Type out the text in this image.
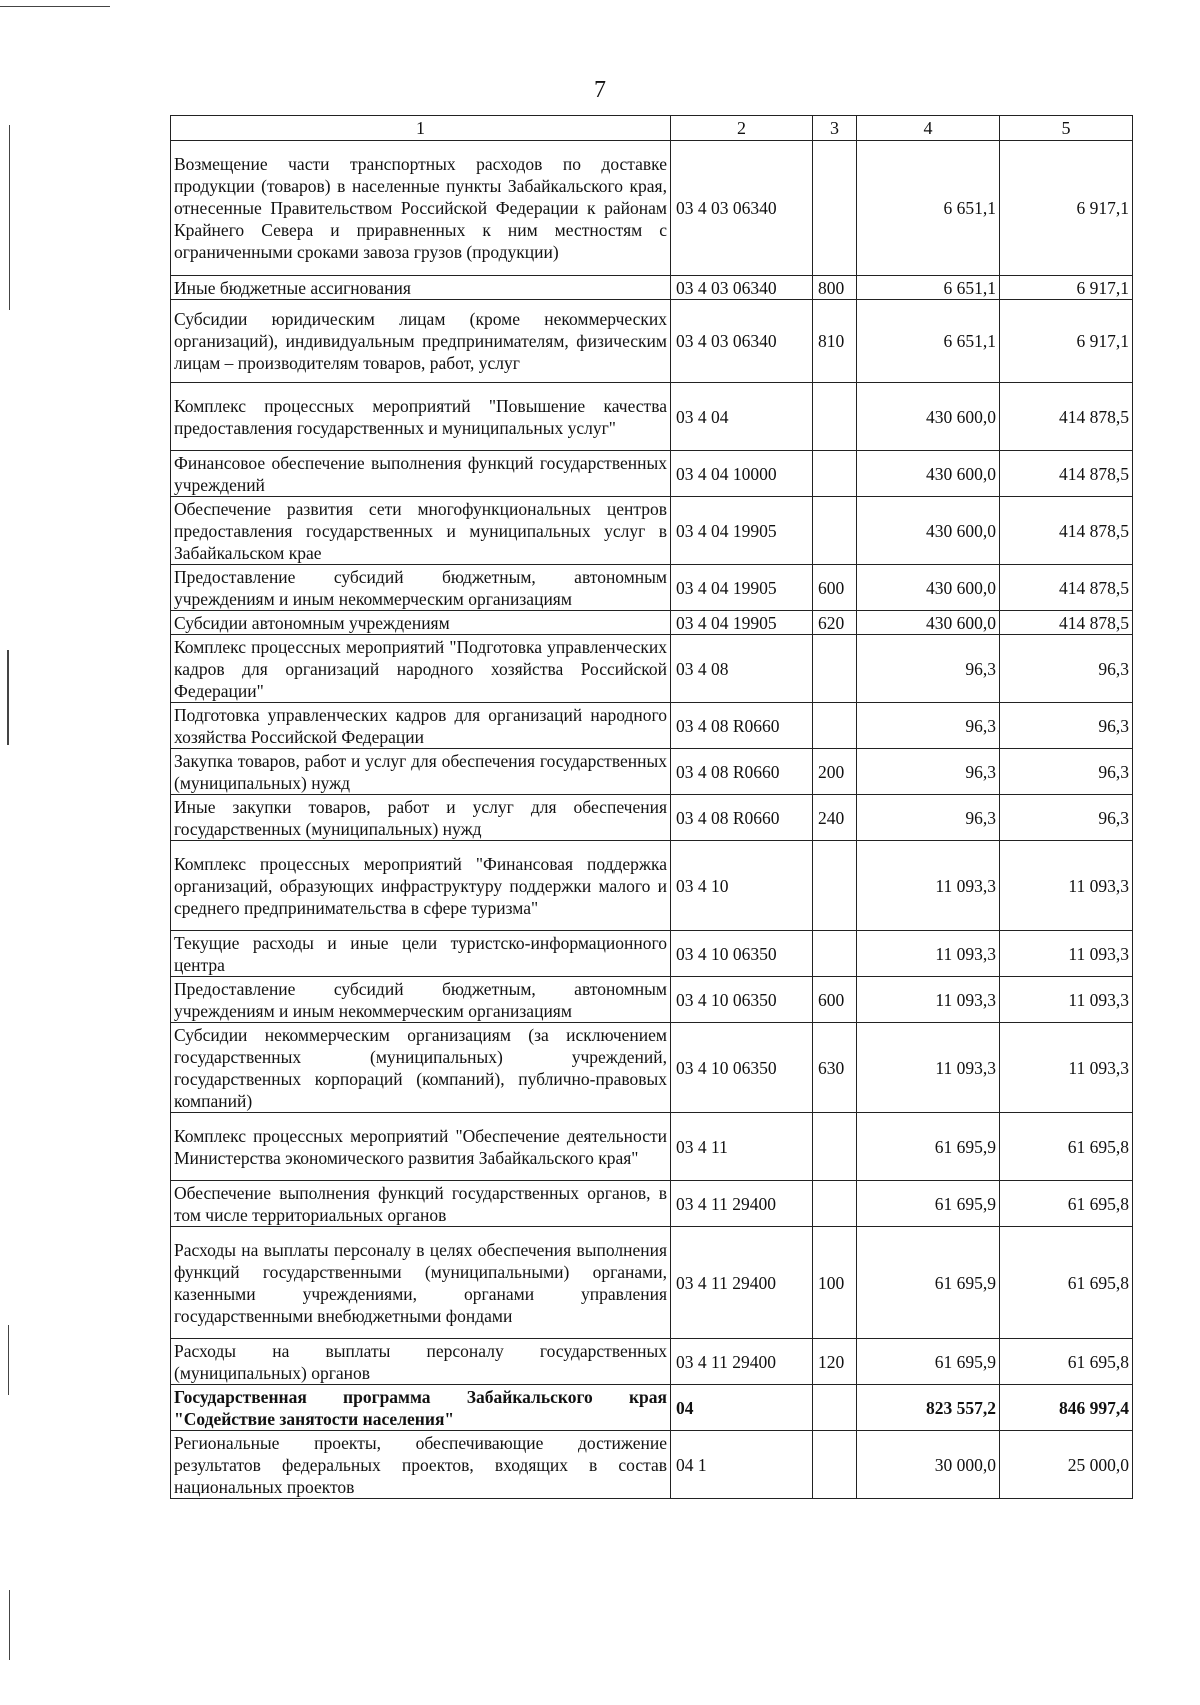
7
1	2	3	4	5
Возмещение части транспортных расходов по доставке продукции (товаров) в населенные пункты Забайкальского края, отнесенные Правительством Российской Федерации к районам Крайнего Севера и приравненных к ним местностям с ограниченными сроками завоза грузов (продукции)	03 4 03 06340		6 651,1	6 917,1
Иные бюджетные ассигнования	03 4 03 06340	800	6 651,1	6 917,1
Субсидии юридическим лицам (кроме некоммерческих организаций), индивидуальным предпринимателям, физическим лицам – производителям товаров, работ, услуг	03 4 03 06340	810	6 651,1	6 917,1
Комплекс процессных мероприятий "Повышение качества предоставления государственных и муниципальных услуг"	03 4 04		430 600,0	414 878,5
Финансовое обеспечение выполнения функций государственных учреждений	03 4 04 10000		430 600,0	414 878,5
Обеспечение развития сети многофункциональных центров предоставления государственных и муниципальных услуг в Забайкальском крае	03 4 04 19905		430 600,0	414 878,5
Предоставление субсидий бюджетным, автономным учреждениям и иным некоммерческим организациям	03 4 04 19905	600	430 600,0	414 878,5
Субсидии автономным учреждениям	03 4 04 19905	620	430 600,0	414 878,5
Комплекс процессных мероприятий "Подготовка управленческих кадров для организаций народного хозяйства Российской Федерации"	03 4 08		96,3	96,3
Подготовка управленческих кадров для организаций народного хозяйства Российской Федерации	03 4 08 R0660		96,3	96,3
Закупка товаров, работ и услуг для обеспечения государственных (муниципальных) нужд	03 4 08 R0660	200	96,3	96,3
Иные закупки товаров, работ и услуг для обеспечения государственных (муниципальных) нужд	03 4 08 R0660	240	96,3	96,3
Комплекс процессных мероприятий "Финансовая поддержка организаций, образующих инфраструктуру поддержки малого и среднего предпринимательства в сфере туризма"	03 4 10		11 093,3	11 093,3
Текущие расходы и иные цели туристско-информационного центра	03 4 10 06350		11 093,3	11 093,3
Предоставление субсидий бюджетным, автономным учреждениям и иным некоммерческим организациям	03 4 10 06350	600	11 093,3	11 093,3
Субсидии некоммерческим организациям (за исключением государственных (муниципальных) учреждений, государственных корпораций (компаний), публично-правовых компаний)	03 4 10 06350	630	11 093,3	11 093,3
Комплекс процессных мероприятий "Обеспечение деятельности Министерства экономического развития Забайкальского края"	03 4 11		61 695,9	61 695,8
Обеспечение выполнения функций государственных органов, в том числе территориальных органов	03 4 11 29400		61 695,9	61 695,8
Расходы на выплаты персоналу в целях обеспечения выполнения функций государственными (муниципальными) органами, казенными учреждениями, органами управления государственными внебюджетными фондами	03 4 11 29400	100	61 695,9	61 695,8
Расходы на выплаты персоналу государственных (муниципальных) органов	03 4 11 29400	120	61 695,9	61 695,8
Государственная программа Забайкальского края "Содействие занятости населения"	04		823 557,2	846 997,4
Региональные проекты, обеспечивающие достижение результатов федеральных проектов, входящих в состав национальных проектов	04 1		30 000,0	25 000,0
